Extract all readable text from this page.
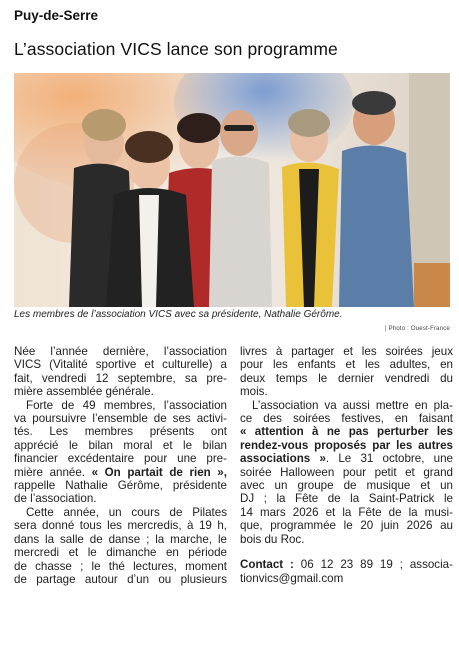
Puy-de-Serre
L’association VICS lance son programme
Les membres de l’association VICS avec sa présidente, Nathalie Gérôme.
| Photo : Ouest-France

Née l’année dernière, l’association
VICS (Vitalité sportive et culturelle) a
fait, vendredi 12 septembre, sa pre-
mière assemblée générale.

Forte de 49 membres, l’association
va poursuivre l’ensemble de ses activi-
tés. Les membres présents ont
apprécié le bilan moral et le bilan
financier excédentaire pour une pre-
mière année. « On partait de rien »,
rappelle Nathalie Gérôme, présidente
de l’association.

Cette année, un cours de Pilates
sera donné tous les mercredis, à 19 h,
dans la salle de danse ; la marche, le
mercredi et le dimanche en période
de chasse ; le thé lectures, moment
de partage autour d’un ou plusieurs

livres à partager et les soirées jeux
pour les enfants et les adultes, en
deux temps le dernier vendredi du
mois.

L’association va aussi mettre en pla-
ce des soirées festives, en faisant
« attention à ne pas perturber les
rendez-vous proposés par les autres
associations ». Le 31 octobre, une
soirée Halloween pour petit et grand
avec un groupe de musique et un
DJ ; la Fête de la Saint-Patrick le
14 mars 2026 et la Fête de la musi-
que, programmée le 20 juin 2026 au
bois du Roc.

Contact : 06 12 23 89 19 ; associa-
tionvics@gmail.com
